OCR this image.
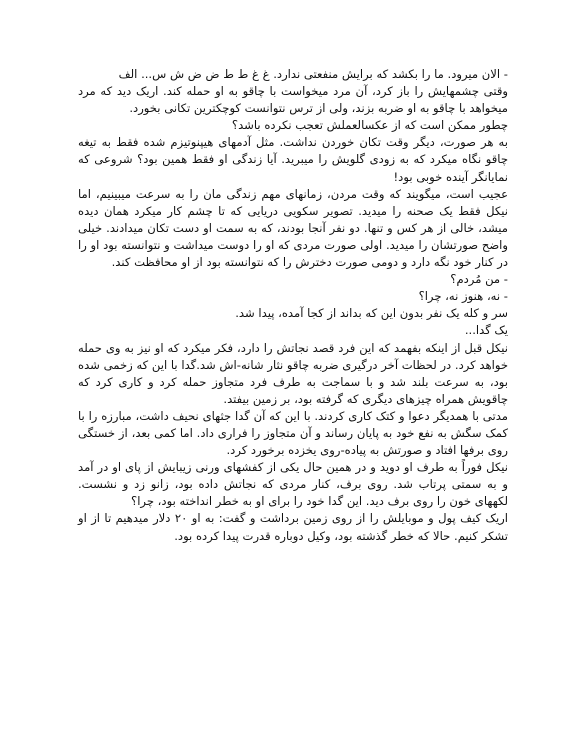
- الان میرود. ما را بکشد که برایش منفعتی ندارد. غ غ ط ط ض ض ش س... الف

وقتی چشمهایش را باز کرد، آن مرد میخواست با چاقو به او حمله کند. اریک دید که مرد میخواهد با چاقو به او ضربه بزند، ولی از ترس نتوانست کوچکترین تکانی بخورد.

چطور ممکن است که از عکسالعملش تعجب نکرده باشد؟

به هر صورت، دیگر وقت تکان خوردن نداشت. مثل آدمهای هیپنوتیزم شده فقط به تیغه چاقو نگاه میکرد که به زودی گلویش را میبرید. آیا زندگی او فقط همین بود؟ شروعی که نمایانگر آینده خوبی بود!

عجیب است، میگویند که وقت مردن، زمانهای مهم زندگی مان را به سرعت میبینیم، اما نیکل فقط یک صحنه را میدید. تصویر سکویی دریایی که تا چشم کار میکرد همان دیده میشد، خالی از هر کس و تنها. دو نفر آنجا بودند، که به سمت او دست تکان میدادند. خیلی واضح صورتشان را میدید. اولی صورت مردی که او را دوست میداشت و نتوانسته بود او را در کنار خود نگه دارد و دومی صورت دخترش را که نتوانسته بود از او محافظت کند.

- من مُردم؟

- نه، هنوز نه، چرا؟

سر و کله یک نفر بدون این که بداند از کجا آمده، پیدا شد.

یک گدا...

نیکل قبل از اینکه بفهمد که این فرد قصد نجاتش را دارد، فکر میکرد که او نیز به وی حمله خواهد کرد. در لحظات آخر درگیری ضربه چاقو نثار شانه-اش شد.گدا با این که زخمی شده بود، به سرعت بلند شد و با سماجت به طرف فرد متجاوز حمله کرد و کاری کرد که چاقویش همراه چیزهای دیگری که گرفته بود، بر زمین بیفتد.

مدتی با همدیگر دعوا و کتک کاری کردند. با این که آن گدا جثهای نحیف داشت، مبارزه را با کمک سگش به نفع خود به پایان رساند و آن متجاوز را فراری داد. اما کمی بعد، از خستگی روی برفها افتاد و صورتش به پیاده-روی یخزده برخورد کرد.

نیکل فوراً به طرف او دوید و در همین حال یکی از کفشهای ورنی زیبایش از پای او در آمد و به سمتی پرتاب شد. روی برف، کنار مردی که نجاتش داده بود، زانو زد و نشست. لکههای خون را روی برف دید. این گدا خود را برای او به خطر انداخته بود، چرا؟

اریک کیف پول و موبایلش را از روی زمین برداشت و گفت: به او ۲۰ دلار میدهیم تا از او تشکر کنیم. حالا که خطر گذشته بود، وکیل دوباره قدرت پیدا کرده بود.
